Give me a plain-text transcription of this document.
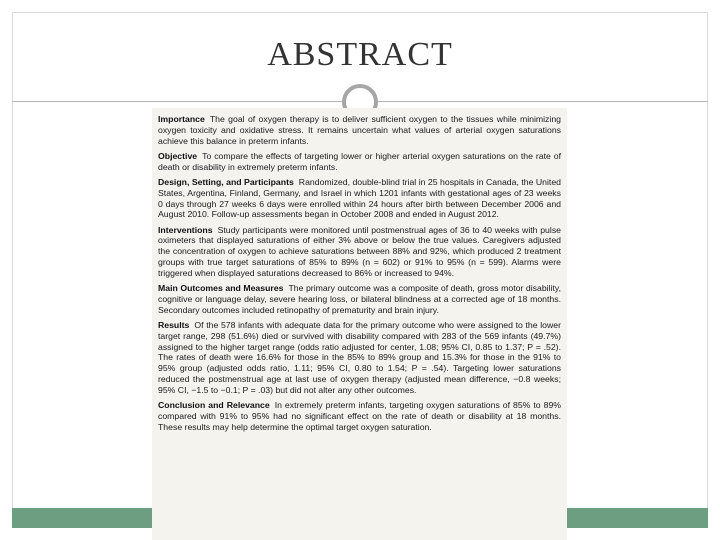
ABSTRACT

Importance The goal of oxygen therapy is to deliver sufficient oxygen to the tissues while minimizing oxygen toxicity and oxidative stress. It remains uncertain what values of arterial oxygen saturations achieve this balance in preterm infants.

Objective To compare the effects of targeting lower or higher arterial oxygen saturations on the rate of death or disability in extremely preterm infants.

Design, Setting, and Participants Randomized, double-blind trial in 25 hospitals in Canada, the United States, Argentina, Finland, Germany, and Israel in which 1201 infants with gestational ages of 23 weeks 0 days through 27 weeks 6 days were enrolled within 24 hours after birth between December 2006 and August 2010. Follow-up assessments began in October 2008 and ended in August 2012.

Interventions Study participants were monitored until postmenstrual ages of 36 to 40 weeks with pulse oximeters that displayed saturations of either 3% above or below the true values. Caregivers adjusted the concentration of oxygen to achieve saturations between 88% and 92%, which produced 2 treatment groups with true target saturations of 85% to 89% (n = 602) or 91% to 95% (n = 599). Alarms were triggered when displayed saturations decreased to 86% or increased to 94%.

Main Outcomes and Measures The primary outcome was a composite of death, gross motor disability, cognitive or language delay, severe hearing loss, or bilateral blindness at a corrected age of 18 months. Secondary outcomes included retinopathy of prematurity and brain injury.

Results Of the 578 infants with adequate data for the primary outcome who were assigned to the lower target range, 298 (51.6%) died or survived with disability compared with 283 of the 569 infants (49.7%) assigned to the higher target range (odds ratio adjusted for center, 1.08; 95% CI, 0.85 to 1.37; P = .52). The rates of death were 16.6% for those in the 85% to 89% group and 15.3% for those in the 91% to 95% group (adjusted odds ratio, 1.11; 95% CI, 0.80 to 1.54; P = .54). Targeting lower saturations reduced the postmenstrual age at last use of oxygen therapy (adjusted mean difference, −0.8 weeks; 95% CI, −1.5 to −0.1; P = .03) but did not alter any other outcomes.

Conclusion and Relevance In extremely preterm infants, targeting oxygen saturations of 85% to 89% compared with 91% to 95% had no significant effect on the rate of death or disability at 18 months. These results may help determine the optimal target oxygen saturation.
